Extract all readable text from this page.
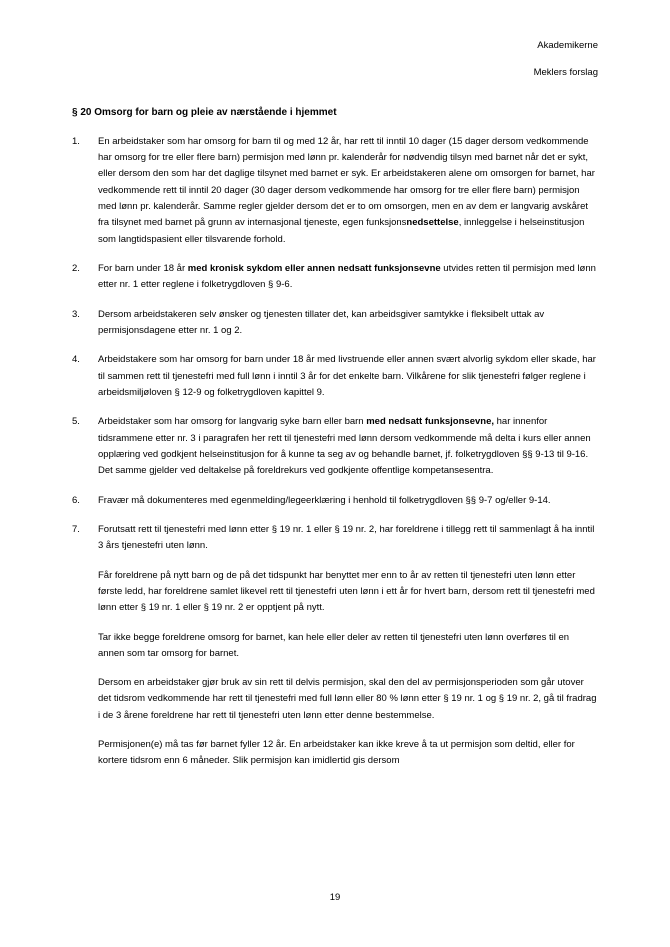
Akademikerne
Meklers forslag
§ 20 Omsorg for barn og pleie av nærstående i hjemmet
1.	En arbeidstaker som har omsorg for barn til og med 12 år, har rett til inntil 10 dager (15 dager dersom vedkommende har omsorg for tre eller flere barn) permisjon med lønn pr. kalenderår for nødvendig tilsyn med barnet når det er sykt, eller dersom den som har det daglige tilsynet med barnet er syk. Er arbeidstakeren alene om omsorgen for barnet, har vedkommende rett til inntil 20 dager (30 dager dersom vedkommende har omsorg for tre eller flere barn) permisjon med lønn pr. kalenderår. Samme regler gjelder dersom det er to om omsorgen, men en av dem er langvarig avskåret fra tilsynet med barnet på grunn av internasjonal tjeneste, egen funksjonsnedsettelse, innleggelse i helseinstitusjon som langtidspasient eller tilsvarende forhold.
2.	For barn under 18 år med kronisk sykdom eller annen nedsatt funksjonsevne utvides retten til permisjon med lønn etter nr. 1 etter reglene i folketrygdloven § 9-6.
3.	Dersom arbeidstakeren selv ønsker og tjenesten tillater det, kan arbeidsgiver samtykke i fleksibelt uttak av permisjonsdagene etter nr. 1 og 2.
4.	Arbeidstakere som har omsorg for barn under 18 år med livstruende eller annen svært alvorlig sykdom eller skade, har til sammen rett til tjenestefri med full lønn i inntil 3 år for det enkelte barn. Vilkårene for slik tjenestefri følger reglene i arbeidsmiljøloven § 12-9 og folketrygdloven kapittel 9.
5.	Arbeidstaker som har omsorg for langvarig syke barn eller barn med nedsatt funksjonsevne, har innenfor tidsrammene etter nr. 3 i paragrafen her rett til tjenestefri med lønn dersom vedkommende må delta i kurs eller annen opplæring ved godkjent helseinstitusjon for å kunne ta seg av og behandle barnet, jf. folketrygdloven §§ 9-13 til 9-16. Det samme gjelder ved deltakelse på foreldrekurs ved godkjente offentlige kompetansesentra.
6.	Fravær må dokumenteres med egenmelding/legeerklæring i henhold til folketrygdloven §§ 9-7 og/eller 9-14.
7.	Forutsatt rett til tjenestefri med lønn etter § 19 nr. 1 eller § 19 nr. 2, har foreldrene i tillegg rett til sammenlagt å ha inntil 3 års tjenestefri uten lønn.

Får foreldrene på nytt barn og de på det tidspunkt har benyttet mer enn to år av retten til tjenestefri uten lønn etter første ledd, har foreldrene samlet likevel rett til tjenestefri uten lønn i ett år for hvert barn, dersom rett til tjenestefri med lønn etter § 19 nr. 1 eller § 19 nr. 2 er opptjent på nytt.

Tar ikke begge foreldrene omsorg for barnet, kan hele eller deler av retten til tjenestefri uten lønn overføres til en annen som tar omsorg for barnet.

Dersom en arbeidstaker gjør bruk av sin rett til delvis permisjon, skal den del av permisjonsperioden som går utover det tidsrom vedkommende har rett til tjenestefri med full lønn eller 80 % lønn etter § 19 nr. 1 og § 19 nr. 2, gå til fradrag i de 3 årene foreldrene har rett til tjenestefri uten lønn etter denne bestemmelse.

Permisjonen(e) må tas før barnet fyller 12 år. En arbeidstaker kan ikke kreve å ta ut permisjon som deltid, eller for kortere tidsrom enn 6 måneder. Slik permisjon kan imidlertid gis dersom

19
